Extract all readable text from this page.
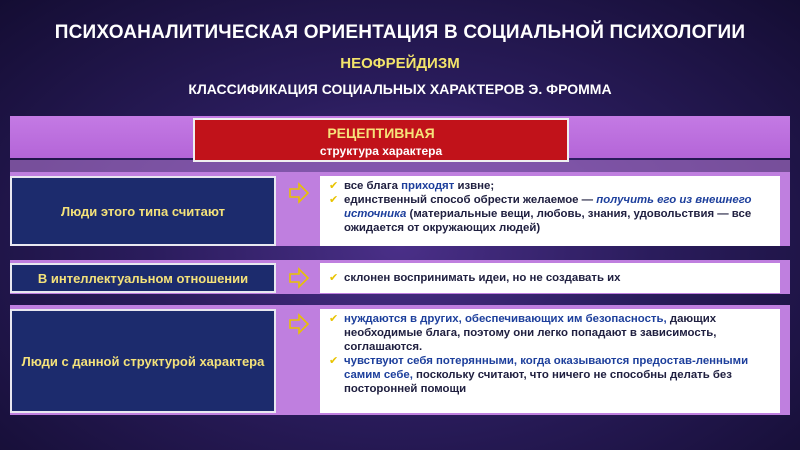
ПСИХОАНАЛИТИЧЕСКАЯ ОРИЕНТАЦИЯ В СОЦИАЛЬНОЙ ПСИХОЛОГИИ
НЕОФРЕЙДИЗМ
КЛАССИФИКАЦИЯ СОЦИАЛЬНЫХ ХАРАКТЕРОВ Э. ФРОММА
РЕЦЕПТИВНАЯ
структура характера
Люди этого типа считают
✔ все блага приходят извне;
✔ единственный способ обрести желаемое — получить его из внешнего источника (материальные вещи, любовь, знания, удовольствия — все ожидается от окружающих людей)
В интеллектуальном отношении	✔ склонен воспринимать идеи, но не создавать их
Люди с данной структурой характера
✔ нуждаются в других, обеспечивающих им безопасность, дающих необходимые блага, поэтому они легко попадают в зависимость, соглашаются.
✔ чувствуют себя потерянными, когда оказываются предостав-ленными самим себе, поскольку считают, что ничего не способны делать без посторонней помощи
